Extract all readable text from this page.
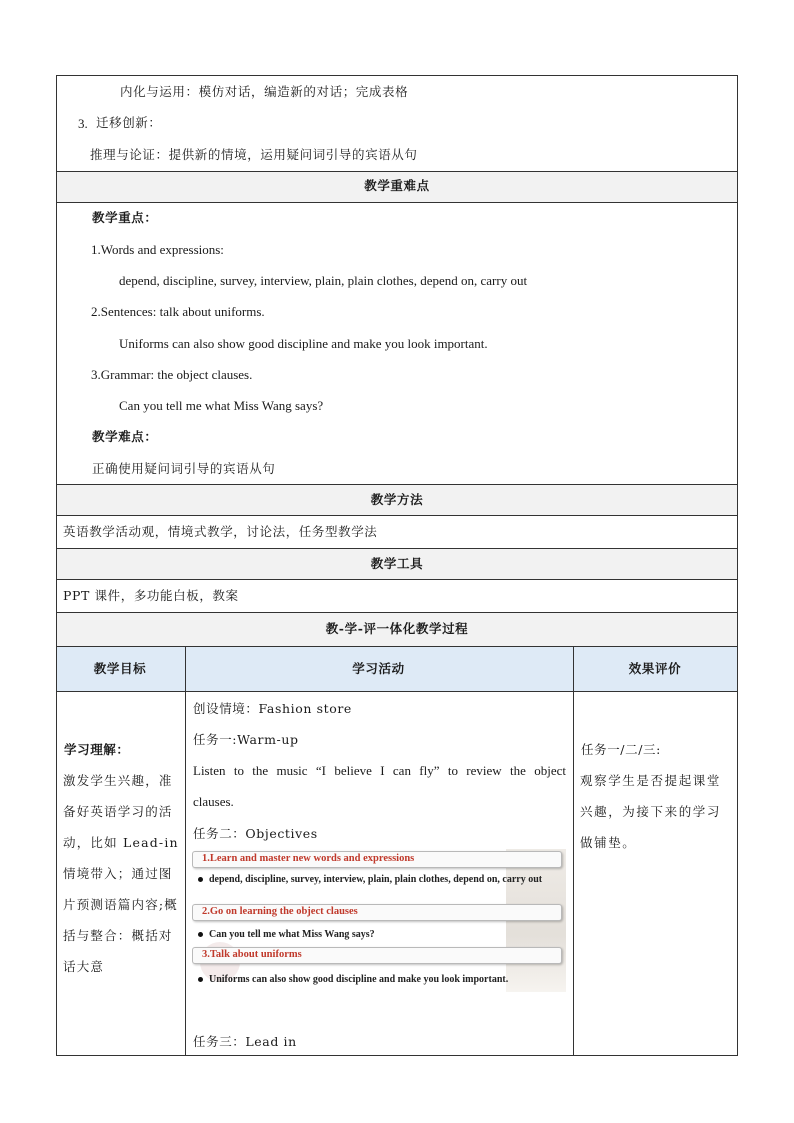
内化与运用：模仿对话，编造新的对话；完成表格
3. 迁移创新：
推理与论证：提供新的情境，运用疑问词引导的宾语从句
教学重难点
教学重点：
1.Words and expressions:
depend, discipline, survey, interview, plain, plain clothes, depend on, carry out
2.Sentences: talk about uniforms.
Uniforms can also show good discipline and make you look important.
3.Grammar: the object clauses.
Can you tell me what Miss Wang says?
教学难点：
正确使用疑问词引导的宾语从句
教学方法
英语教学活动观，情境式教学，讨论法，任务型教学法
教学工具
PPT 课件，多功能白板，教案
教-学-评一体化教学过程
教学目标	学习活动	效果评价
学习理解：
激发学生兴趣，准备好英语学习的活动，比如 Lead-in 情境带入；通过图片预测语篇内容;概括与整合：概括对话大意
创设情境：Fashion store
任务一:Warm-up
Listen to the music “I believe I can fly” to review the object clauses.
任务二：Objectives
1.Learn and master new words and expressions
depend, discipline, survey, interview, plain, plain clothes, depend on, carry out
2.Go on learning the object clauses
Can you tell me what Miss Wang says?
3.Talk about uniforms
Uniforms can also show good discipline and make you look important.
任务三：Lead in
任务一/二/三:
观察学生是否提起课堂兴趣，为接下来的学习做铺垫。
